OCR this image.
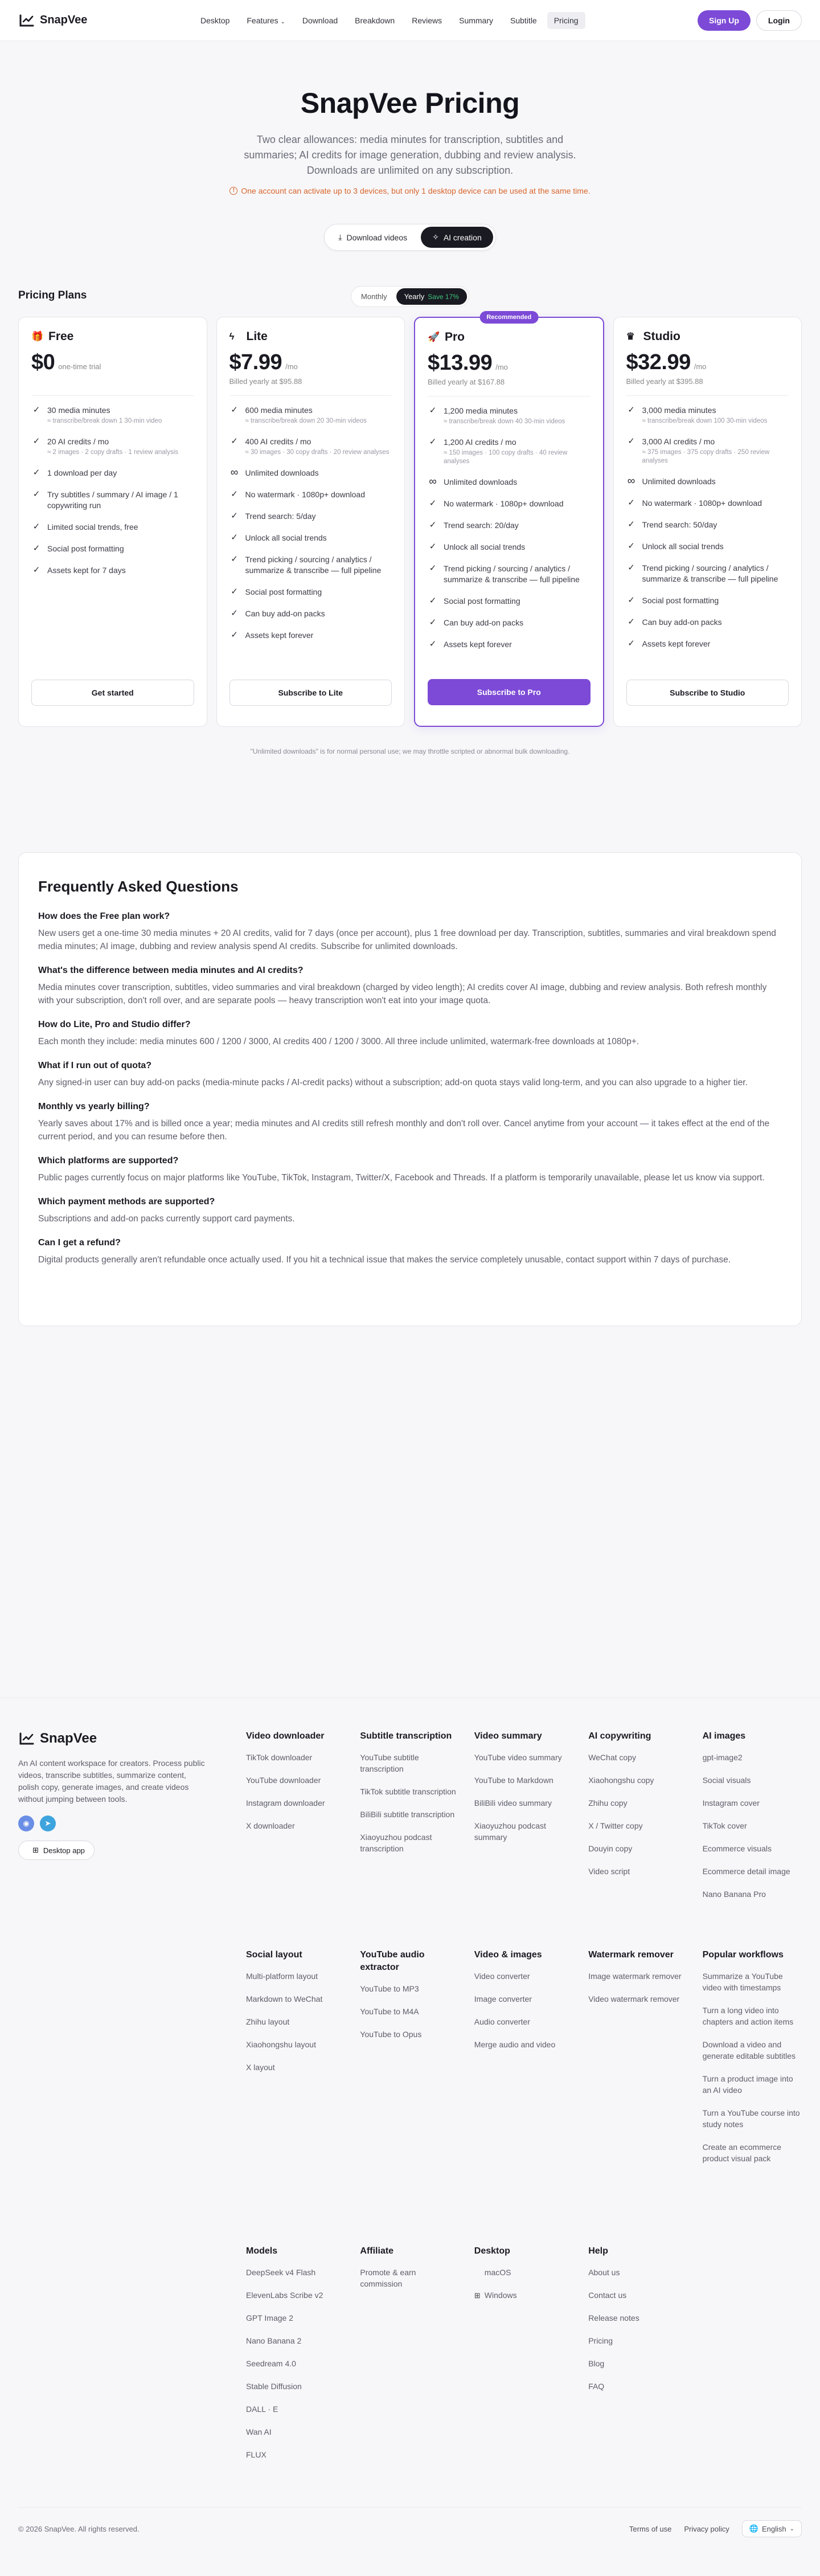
SnapVee	Desktop	Features ⌄	Download	Breakdown	Reviews	Summary	Subtitle	Pricing	Sign Up	Login
SnapVee Pricing

Two clear allowances: media minutes for transcription, subtitles and summaries; AI credits for image generation, dubbing and review analysis. Downloads are unlimited on any subscription.

! One account can activate up to 3 devices, but only 1 desktop device can be used at the same time.

⤓ Download videos	✧ AI creation
Pricing Plans	Monthly	Yearly Save 17%
🎁 Free
$0 one-time trial
✓ 30 media minutes
≈ transcribe/break down 1 30-min video
✓ 20 AI credits / mo
≈ 2 images · 2 copy drafts · 1 review analysis
✓ 1 download per day
✓ Try subtitles / summary / AI image / 1 copywriting run
✓ Limited social trends, free
✓ Social post formatting
✓ Assets kept for 7 days
Get started
ϟ	Lite
$7.99 /mo
Billed yearly at $95.88
✓ 600 media minutes
≈ transcribe/break down 20 30-min videos
✓ 400 AI credits / mo
≈ 30 images · 30 copy drafts · 20 review analyses
∞ Unlimited downloads
✓ No watermark · 1080p+ download
✓ Trend search: 5/day
✓ Unlock all social trends
✓ Trend picking / sourcing / analytics / summarize & transcribe — full pipeline
✓ Social post formatting
✓ Can buy add-on packs
✓ Assets kept forever
Subscribe to Lite
Recommended
🚀 Pro
$13.99 /mo
Billed yearly at $167.88
✓ 1,200 media minutes
≈ transcribe/break down 40 30-min videos
✓ 1,200 AI credits / mo
≈ 150 images · 100 copy drafts · 40 review analyses
∞ Unlimited downloads
✓ No watermark · 1080p+ download
✓ Trend search: 20/day
✓ Unlock all social trends
✓ Trend picking / sourcing / analytics / summarize & transcribe — full pipeline
✓ Social post formatting
✓ Can buy add-on packs
✓ Assets kept forever
Subscribe to Pro
♛ Studio
$32.99 /mo
Billed yearly at $395.88
✓ 3,000 media minutes
≈ transcribe/break down 100 30-min videos
✓ 3,000 AI credits / mo
≈ 375 images · 375 copy drafts · 250 review analyses
∞ Unlimited downloads
✓ No watermark · 1080p+ download
✓ Trend search: 50/day
✓ Unlock all social trends
✓ Trend picking / sourcing / analytics / summarize & transcribe — full pipeline
✓ Social post formatting
✓ Can buy add-on packs
✓ Assets kept forever
Subscribe to Studio

"Unlimited downloads" is for normal personal use; we may throttle scripted or abnormal bulk downloading.

Frequently Asked Questions
How does the Free plan work?
New users get a one-time 30 media minutes + 20 AI credits, valid for 7 days (once per account), plus 1 free download per day. Transcription, subtitles, summaries and viral breakdown spend media minutes; AI image, dubbing and review analysis spend AI credits. Subscribe for unlimited downloads.
What's the difference between media minutes and AI credits?
Media minutes cover transcription, subtitles, video summaries and viral breakdown (charged by video length); AI credits cover AI image, dubbing and review analysis. Both refresh monthly with your subscription, don't roll over, and are separate pools — heavy transcription won't eat into your image quota.
How do Lite, Pro and Studio differ?
Each month they include: media minutes 600 / 1200 / 3000, AI credits 400 / 1200 / 3000. All three include unlimited, watermark-free downloads at 1080p+.
What if I run out of quota?
Any signed-in user can buy add-on packs (media-minute packs / AI-credit packs) without a subscription; add-on quota stays valid long-term, and you can also upgrade to a higher tier.
Monthly vs yearly billing?
Yearly saves about 17% and is billed once a year; media minutes and AI credits still refresh monthly and don't roll over. Cancel anytime from your account — it takes effect at the end of the current period, and you can resume before then.
Which platforms are supported?
Public pages currently focus on major platforms like YouTube, TikTok, Instagram, Twitter/X, Facebook and Threads. If a platform is temporarily unavailable, please let us know via support.
Which payment methods are supported?
Subscriptions and add-on packs currently support card payments.
Can I get a refund?
Digital products generally aren't refundable once actually used. If you hit a technical issue that makes the service completely unusable, contact support within 7 days of purchase.
SnapVee

An AI content workspace for creators. Process public videos, transcribe subtitles, summarize content, polish copy, generate images, and create videos without jumping between tools.

◉	➤
⊞ Desktop app
Video downloader
TikTok downloader
YouTube downloader
Instagram downloader
X downloader
Subtitle transcription
YouTube subtitle transcription
TikTok subtitle transcription
BiliBili subtitle transcription
Xiaoyuzhou podcast transcription
Video summary
YouTube video summary
YouTube to Markdown
BiliBili video summary
Xiaoyuzhou podcast summary
AI copywriting
WeChat copy
Xiaohongshu copy
Zhihu copy
X / Twitter copy
Douyin copy
Video script
AI images
gpt-image2
Social visuals
Instagram cover
TikTok cover
Ecommerce visuals
Ecommerce detail image
Nano Banana Pro
Social layout
Multi-platform layout
Markdown to WeChat
Zhihu layout
Xiaohongshu layout
X layout
YouTube audio extractor
YouTube to MP3
YouTube to M4A
YouTube to Opus
Video & images
Video converter
Image converter
Audio converter
Merge audio and video
Watermark remover
Image watermark remover
Video watermark remover
Popular workflows
Summarize a YouTube video with timestamps
Turn a long video into chapters and action items
Download a video and generate editable subtitles
Turn a product image into an AI video
Turn a YouTube course into study notes
Create an ecommerce product visual pack
Models
DeepSeek v4 Flash
ElevenLabs Scribe v2
GPT Image 2
Nano Banana 2
Seedream 4.0
Stable Diffusion
DALL · E
Wan AI
FLUX
Affiliate
Promote & earn commission
Desktop
macOS
⊞ Windows
Help
About us
Contact us
Release notes
Pricing
Blog
FAQ
© 2026 SnapVee. All rights reserved.	Terms of use Privacy policy	🌐 English ⌄
